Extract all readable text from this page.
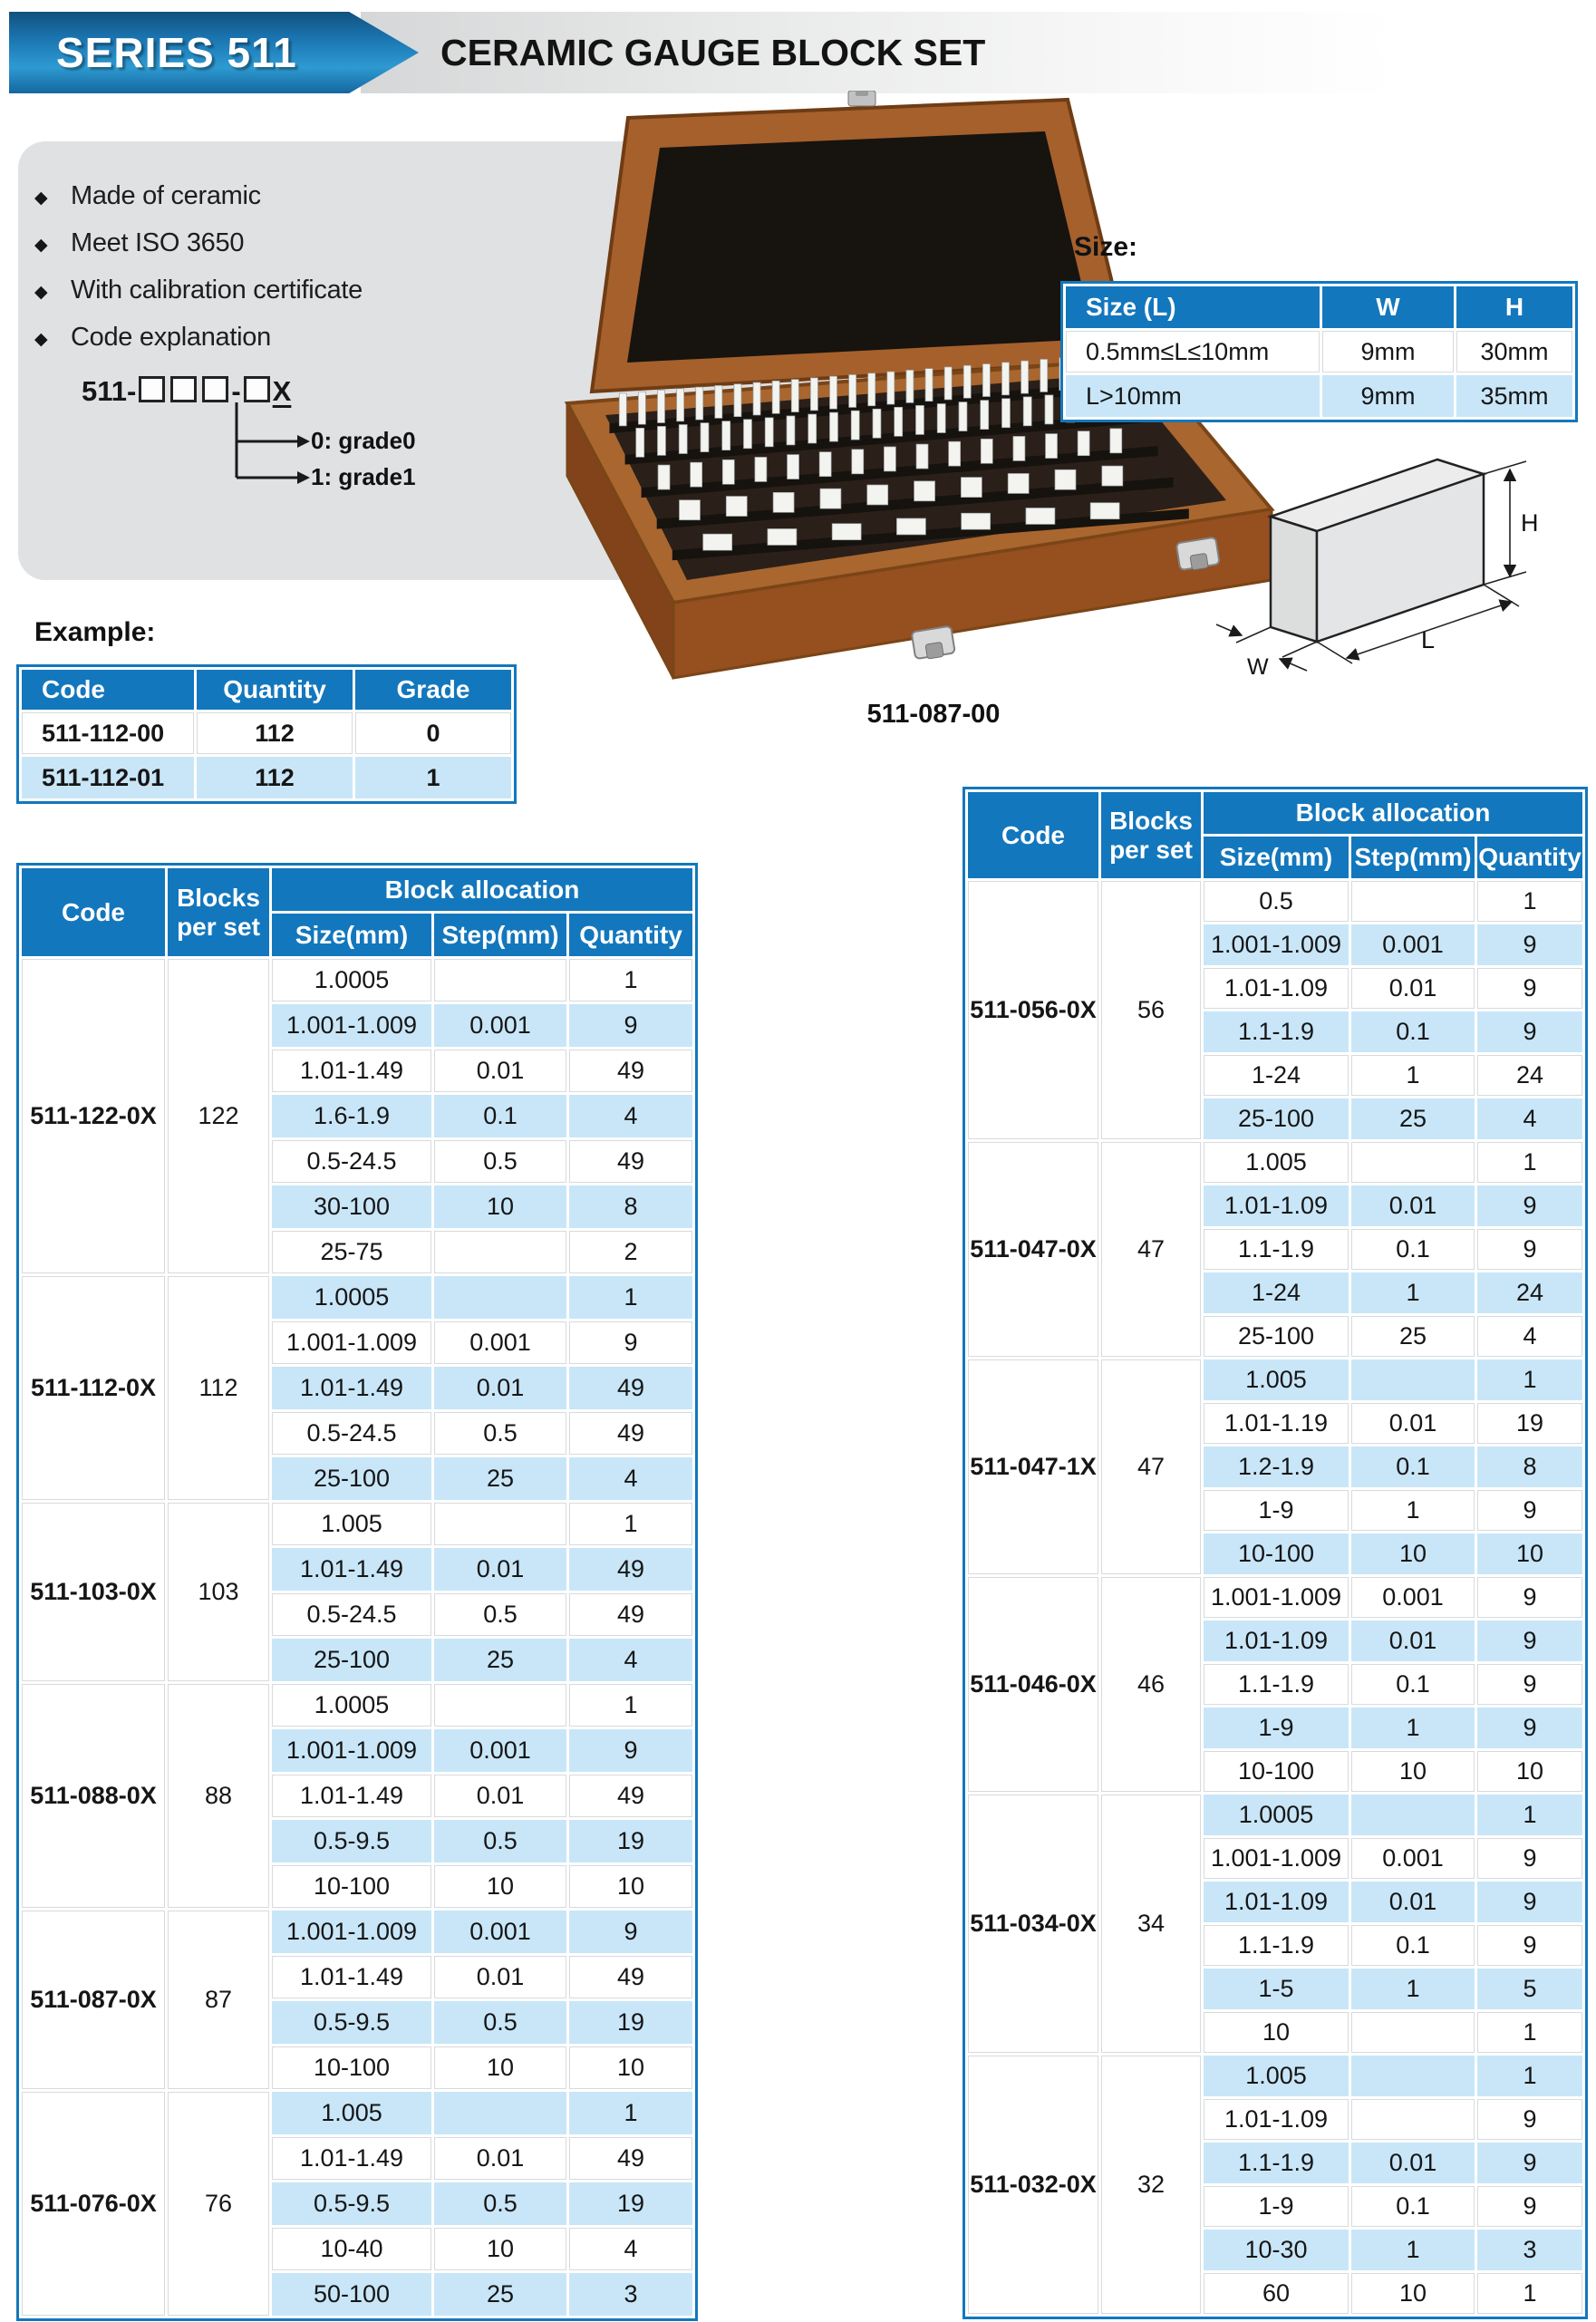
SERIES 511	CERAMIC GAUGE BLOCK SET
◆ Made of ceramic
◆ Meet ISO 3650
◆ With calibration certificate
◆ Code explanation
511-	- X
0: grade0
1: grade1
511-087-00
Size:
Size (L)	W	H
0.5mm≤L≤10mm	9mm	30mm
L>10mm	9mm	35mm
H
L
W
Example:
Code	Quantity	Grade
511-112-00	112	0
511-112-01	112	1
Code	Blocks per set	Block allocation		
		Size(mm)	Step(mm)	Quantity
511-122-0X	122	1.0005		1
		1.001-1.009	0.001	9
		1.01-1.49	0.01	49
		1.6-1.9	0.1	4
		0.5-24.5	0.5	49
		30-100	10	8
		25-75		2
511-112-0X	112	1.0005		1
		1.001-1.009	0.001	9
		1.01-1.49	0.01	49
		0.5-24.5	0.5	49
		25-100	25	4
511-103-0X	103	1.005		1
		1.01-1.49	0.01	49
		0.5-24.5	0.5	49
		25-100	25	4
511-088-0X	88	1.0005		1
		1.001-1.009	0.001	9
		1.01-1.49	0.01	49
		0.5-9.5	0.5	19
		10-100	10	10
511-087-0X	87	1.001-1.009	0.001	9
		1.01-1.49	0.01	49
		0.5-9.5	0.5	19
		10-100	10	10
511-076-0X	76	1.005		1
		1.01-1.49	0.01	49
		0.5-9.5	0.5	19
		10-40	10	4
		50-100	25	3
Code	Blocks per set	Block allocation		
		Size(mm)	Step(mm)	Quantity
511-056-0X	56	0.5		1
		1.001-1.009	0.001	9
		1.01-1.09	0.01	9
		1.1-1.9	0.1	9
		1-24	1	24
		25-100	25	4
511-047-0X	47	1.005		1
		1.01-1.09	0.01	9
		1.1-1.9	0.1	9
		1-24	1	24
		25-100	25	4
511-047-1X	47	1.005		1
		1.01-1.19	0.01	19
		1.2-1.9	0.1	8
		1-9	1	9
		10-100	10	10
511-046-0X	46	1.001-1.009	0.001	9
		1.01-1.09	0.01	9
		1.1-1.9	0.1	9
		1-9	1	9
		10-100	10	10
511-034-0X	34	1.0005		1
		1.001-1.009	0.001	9
		1.01-1.09	0.01	9
		1.1-1.9	0.1	9
		1-5	1	5
		10		1
511-032-0X	32	1.005		1
		1.01-1.09		9
		1.1-1.9	0.01	9
		1-9	0.1	9
		10-30	1	3
		60	10	1
